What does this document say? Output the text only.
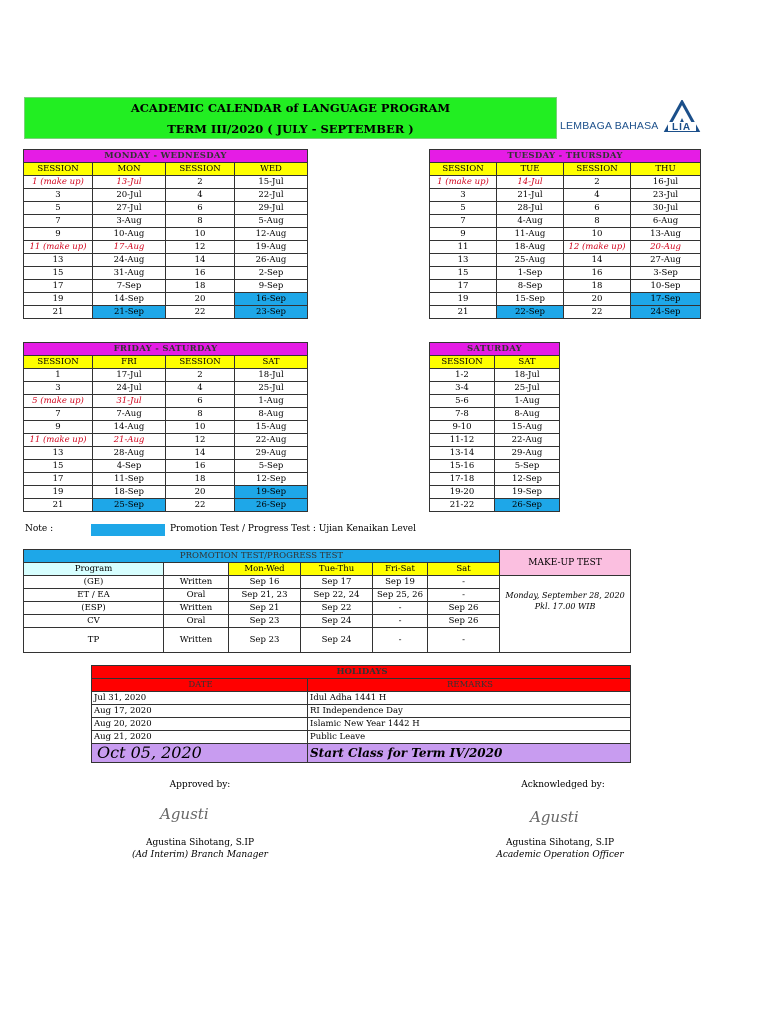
ACADEMIC CALENDAR of LANGUAGE PROGRAM
TERM III/2020 ( JULY - SEPTEMBER )	LEMBAGA BAHASA LIA
MONDAY - WEDNESDAY			
SESSION	MON	SESSION	WED
1 (make up)	13-Jul	2	15-Jul
3	20-Jul	4	22-Jul
5	27-Jul	6	29-Jul
7	3-Aug	8	5-Aug
9	10-Aug	10	12-Aug
11 (make up)	17-Aug	12	19-Aug
13	24-Aug	14	26-Aug
15	31-Aug	16	2-Sep
17	7-Sep	18	9-Sep
19	14-Sep	20	16-Sep
21	21-Sep	22	23-Sep
TUESDAY - THURSDAY			
SESSION	TUE	SESSION	THU
1 (make up)	14-Jul	2	16-Jul
3	21-Jul	4	23-Jul
5	28-Jul	6	30-Jul
7	4-Aug	8	6-Aug
9	11-Aug	10	13-Aug
11	18-Aug	12 (make up)	20-Aug
13	25-Aug	14	27-Aug
15	1-Sep	16	3-Sep
17	8-Sep	18	10-Sep
19	15-Sep	20	17-Sep
21	22-Sep	22	24-Sep
FRIDAY - SATURDAY			
SESSION	FRI	SESSION	SAT
1	17-Jul	2	18-Jul
3	24-Jul	4	25-Jul
5 (make up)	31-Jul	6	1-Aug
7	7-Aug	8	8-Aug
9	14-Aug	10	15-Aug
11 (make up)	21-Aug	12	22-Aug
13	28-Aug	14	29-Aug
15	4-Sep	16	5-Sep
17	11-Sep	18	12-Sep
19	18-Sep	20	19-Sep
21	25-Sep	22	26-Sep
SATURDAY	
SESSION	SAT
1-2	18-Jul
3-4	25-Jul
5-6	1-Aug
7-8	8-Aug
9-10	15-Aug
11-12	22-Aug
13-14	29-Aug
15-16	5-Sep
17-18	12-Sep
19-20	19-Sep
21-22	26-Sep
Note :	Promotion Test / Progress Test : Ujian Kenaikan Level
PROMOTION TEST/PROGRESS TEST						MAKE-UP TEST
Program		Mon-Wed	Tue-Thu	Fri-Sat	Sat	
(GE)	Written	Sep 16	Sep 17	Sep 19	-	Monday, September 28, 2020
Pkl. 17.00 WIB

ET / EA	Oral	Sep 21, 23	Sep 22, 24	Sep 25, 26	-	
(ESP)	Written	Sep 21	Sep 22	-	Sep 26	
CV	Oral	Sep 23	Sep 24	-	Sep 26	
TP	Written	Sep 23	Sep 24	-	-	
HOLIDAYS	
DATE	REMARKS
Jul 31, 2020	Idul Adha 1441 H
Aug 17, 2020	RI Independence Day
Aug 20, 2020	Islamic New Year 1442 H
Aug 21, 2020	Public Leave
Oct 05, 2020	Start Class for Term IV/2020
Approved by:	Acknowledged by:
Agusti	Agusti
Agustina Sihotang, S.IP
(Ad Interim) Branch Manager
Agustina Sihotang, S.IP
Academic Operation Officer
